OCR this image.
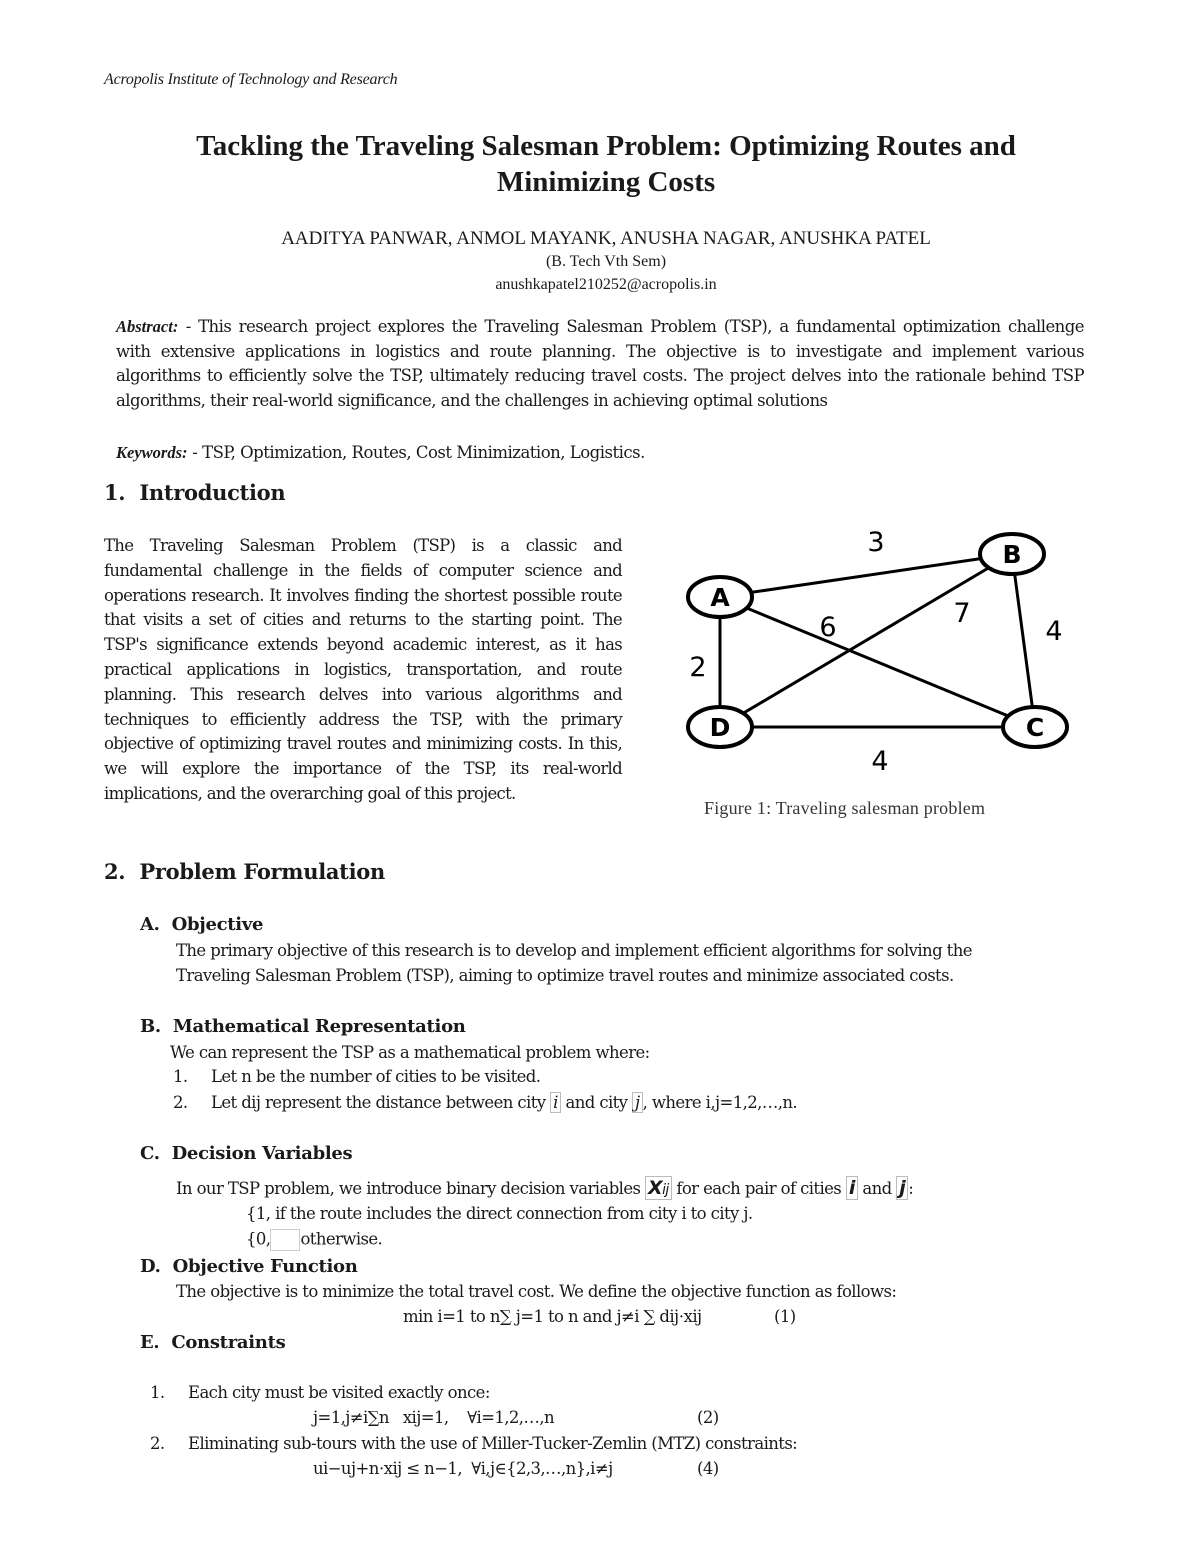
Acropolis Institute of Technology and Research
Tackling the Traveling Salesman Problem: Optimizing Routes and
Minimizing Costs
AADITYA PANWAR, ANMOL MAYANK, ANUSHA NAGAR, ANUSHKA PATEL
(B. Tech Vth Sem)
anushkapatel210252@acropolis.in
Abstract: - This research project explores the Traveling Salesman Problem (TSP), a fundamental optimization challenge with extensive applications in logistics and route planning. The objective is to investigate and implement various algorithms to efficiently solve the TSP, ultimately reducing travel costs. The project delves into the rationale behind TSP algorithms, their real-world significance, and the challenges in achieving optimal solutions
Keywords: - TSP, Optimization, Routes, Cost Minimization, Logistics.
1. Introduction
The Traveling Salesman Problem (TSP) is a classic and fundamental challenge in the fields of computer science and operations research. It involves finding the shortest possible route that visits a set of cities and returns to the starting point. The TSP's significance extends beyond academic interest, as it has practical applications in logistics, transportation, and route planning. This research delves into various algorithms and techniques to efficiently address the TSP, with the primary objective of optimizing travel routes and minimizing costs. In this, we will explore the importance of the TSP, its real-world implications, and the overarching goal of this project.
A
B
D	C
3
2
6	7
4
4
Figure 1: Traveling salesman problem
2. Problem Formulation
A. Objective
The primary objective of this research is to develop and implement efficient algorithms for solving the
Traveling Salesman Problem (TSP), aiming to optimize travel routes and minimize associated costs.
B. Mathematical Representation
We can represent the TSP as a mathematical problem where:
1. Let n be the number of cities to be visited.
2. Let dij represent the distance between city i and city j , where i,j=1,2,…,n.
C. Decision Variables
In our TSP problem, we introduce binary decision variables Xij for each pair of cities i and j :
{1, if the route includes the direct connection from city i to city j.
{0, otherwise.
D. Objective Function
The objective is to minimize the total travel cost. We define the objective function as follows:
min i=1 to n∑ j=1 to n and j≠i ∑ dij⋅xij	(1)
E. Constraints
1. Each city must be visited exactly once:
j=1,j≠i∑n   xij=1,    ∀i=1,2,…,n	(2)
2. Eliminating sub-tours with the use of Miller-Tucker-Zemlin (MTZ) constraints:
ui−uj+n⋅xij ≤ n−1,  ∀i,j∈{2,3,…,n},i≠j	(4)
